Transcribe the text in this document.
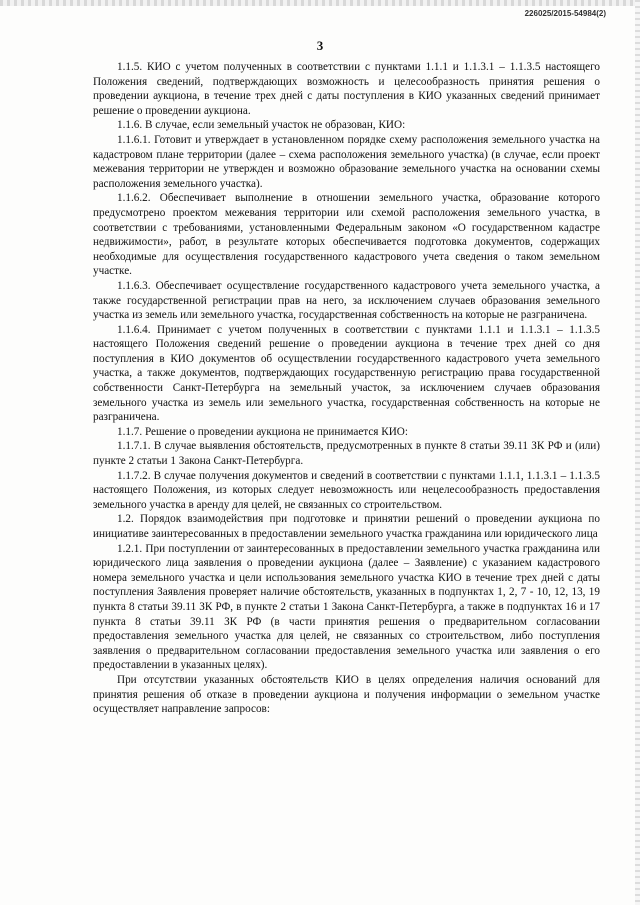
226025/2015-54984(2)
3

1.1.5. КИО с учетом полученных в соответствии с пунктами 1.1.1 и 1.1.3.1 – 1.1.3.5 настоящего Положения сведений, подтверждающих возможность и целесообразность принятия решения о проведении аукциона, в течение трех дней с даты поступления в КИО указанных сведений принимает решение о проведении аукциона.

1.1.6. В случае, если земельный участок не образован, КИО:

1.1.6.1. Готовит и утверждает в установленном порядке схему расположения земельного участка на кадастровом плане территории (далее – схема расположения земельного участка) (в случае, если проект межевания территории не утвержден и возможно образование земельного участка на основании схемы расположения земельного участка).

1.1.6.2. Обеспечивает выполнение в отношении земельного участка, образование которого предусмотрено проектом межевания территории или схемой расположения земельного участка, в соответствии с требованиями, установленными Федеральным законом «О государственном кадастре недвижимости», работ, в результате которых обеспечивается подготовка документов, содержащих необходимые для осуществления государственного кадастрового учета сведения о таком земельном участке.

1.1.6.3. Обеспечивает осуществление государственного кадастрового учета земельного участка, а также государственной регистрации прав на него, за исключением случаев образования земельного участка из земель или земельного участка, государственная собственность на которые не разграничена.

1.1.6.4. Принимает с учетом полученных в соответствии с пунктами 1.1.1 и 1.1.3.1 – 1.1.3.5 настоящего Положения сведений решение о проведении аукциона в течение трех дней со дня поступления в КИО документов об осуществлении государственного кадастрового учета земельного участка, а также документов, подтверждающих государственную регистрацию права государственной собственности Санкт-Петербурга на земельный участок, за исключением случаев образования земельного участка из земель или земельного участка, государственная собственность на которые не разграничена.

1.1.7. Решение о проведении аукциона не принимается КИО:

1.1.7.1. В случае выявления обстоятельств, предусмотренных в пункте 8 статьи 39.11 ЗК РФ и (или) пункте 2 статьи 1 Закона Санкт-Петербурга.

1.1.7.2. В случае получения документов и сведений в соответствии с пунктами 1.1.1, 1.1.3.1 – 1.1.3.5 настоящего Положения, из которых следует невозможность или нецелесообразность предоставления земельного участка в аренду для целей, не связанных со строительством.

1.2. Порядок взаимодействия при подготовке и принятии решений о проведении аукциона по инициативе заинтересованных в предоставлении земельного участка гражданина или юридического лица

1.2.1. При поступлении от заинтересованных в предоставлении земельного участка гражданина или юридического лица заявления о проведении аукциона (далее – Заявление) с указанием кадастрового номера земельного участка и цели использования земельного участка КИО в течение трех дней с даты поступления Заявления проверяет наличие обстоятельств, указанных в подпунктах 1, 2, 7 - 10, 12, 13, 19 пункта 8 статьи 39.11 ЗК РФ, в пункте 2 статьи 1 Закона Санкт-Петербурга, а также в подпунктах 16 и 17 пункта 8 статьи 39.11 ЗК РФ (в части принятия решения о предварительном согласовании предоставления земельного участка для целей, не связанных со строительством, либо поступления заявления о предварительном согласовании предоставления земельного участка или заявления о его предоставлении в указанных целях).

При отсутствии указанных обстоятельств КИО в целях определения наличия оснований для принятия решения об отказе в проведении аукциона и получения информации о земельном участке осуществляет направление запросов:
